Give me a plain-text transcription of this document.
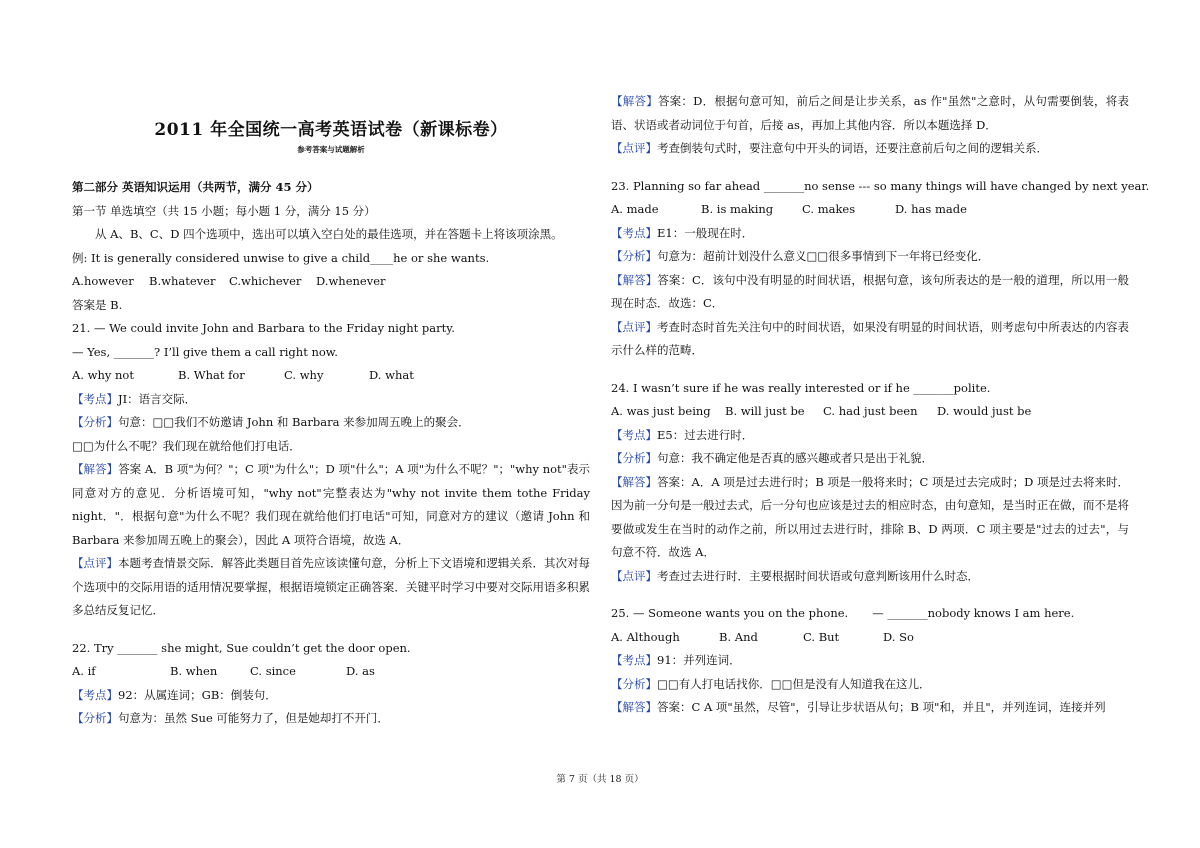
2011 年全国统一高考英语试卷（新课标卷）
参考答案与试题解析
第二部分 英语知识运用（共两节，满分 45 分）
第一节 单选填空（共 15 小题；每小题 1 分，满分 15 分）
从 A、B、C、D 四个选项中，选出可以填入空白处的最佳选项，并在答题卡上将该项涂黑。
例: It is generally considered unwise to give a child____he or she wants.
A.however	B.whatever	C.whichever	D.whenever
答案是 B.
21. — We could invite John and Barbara to the Friday night party.
— Yes, _______? I’ll give them a call right now.
A. why not	B. What for	C. why	D. what
【考点】JI：语言交际．
【分析】句意：□□我们不妨邀请 John 和 Barbara 来参加周五晚上的聚会．
□□为什么不呢？我们现在就给他们打电话．
【解答】答案 A．B 项"为何？"；C 项"为什么"；D 项"什么"；A 项"为什么不呢？"；"why not"表示同意对方的意见．分析语境可知，"why not"完整表达为"why not invite them tothe Friday night．"．根据句意"为什么不呢？我们现在就给他们打电话"可知，同意对方的建议（邀请 John 和 Barbara 来参加周五晚上的聚会），因此 A 项符合语境，故选 A．
【点评】本题考查情景交际．解答此类题目首先应该读懂句意，分析上下文语境和逻辑关系．其次对每个选项中的交际用语的适用情况要掌握，根据语境锁定正确答案．关键平时学习中要对交际用语多积累多总结反复记忆．
22. Try _______ she might, Sue couldn’t get the door open.
A. if	B. when	C. since	D. as
【考点】92：从属连词；GB：倒装句．
【分析】句意为：虽然 Sue 可能努力了，但是她却打不开门．
【解答】答案：D．根据句意可知，前后之间是让步关系，as 作"虽然"之意时，从句需要倒装，将表语、状语或者动词位于句首，后接 as，再加上其他内容．所以本题选择 D．
【点评】考查倒装句式时，要注意句中开头的词语，还要注意前后句之间的逻辑关系．
23. Planning so far ahead _______no sense --- so many things will have changed by next year.
A. made	B. is making	C. makes	D. has made
【考点】E1：一般现在时．
【分析】句意为：超前计划没什么意义□□很多事情到下一年将已经变化．
【解答】答案：C．该句中没有明显的时间状语，根据句意，该句所表达的是一般的道理，所以用一般现在时态．故选：C．
【点评】考查时态时首先关注句中的时间状语，如果没有明显的时间状语，则考虑句中所表达的内容表示什么样的范畴．
24. I wasn’t sure if he was really interested or if he _______polite.
A. was just being	B. will just be	C. had just been	D. would just be
【考点】E5：过去进行时．
【分析】句意：我不确定他是否真的感兴趣或者只是出于礼貌．
【解答】答案：A．A 项是过去进行时；B 项是一般将来时；C 项是过去完成时；D 项是过去将来时．因为前一分句是一般过去式，后一分句也应该是过去的相应时态，由句意知，是当时正在做，而不是将要做或发生在当时的动作之前，所以用过去进行时，排除 B、D 两项．C 项主要是"过去的过去"，与句意不符．故选 A．
【点评】考查过去进行时．主要根据时间状语或句意判断该用什么时态．
25. — Someone wants you on the phone. — _______nobody knows I am here.
A. Although	B. And	C. But	D. So
【考点】91：并列连词．
【分析】□□有人打电话找你．□□但是没有人知道我在这儿．
【解答】答案：C A 项"虽然，尽管"，引导让步状语从句；B 项"和，并且"，并列连词，连接并列
第 7 页（共 18 页）
